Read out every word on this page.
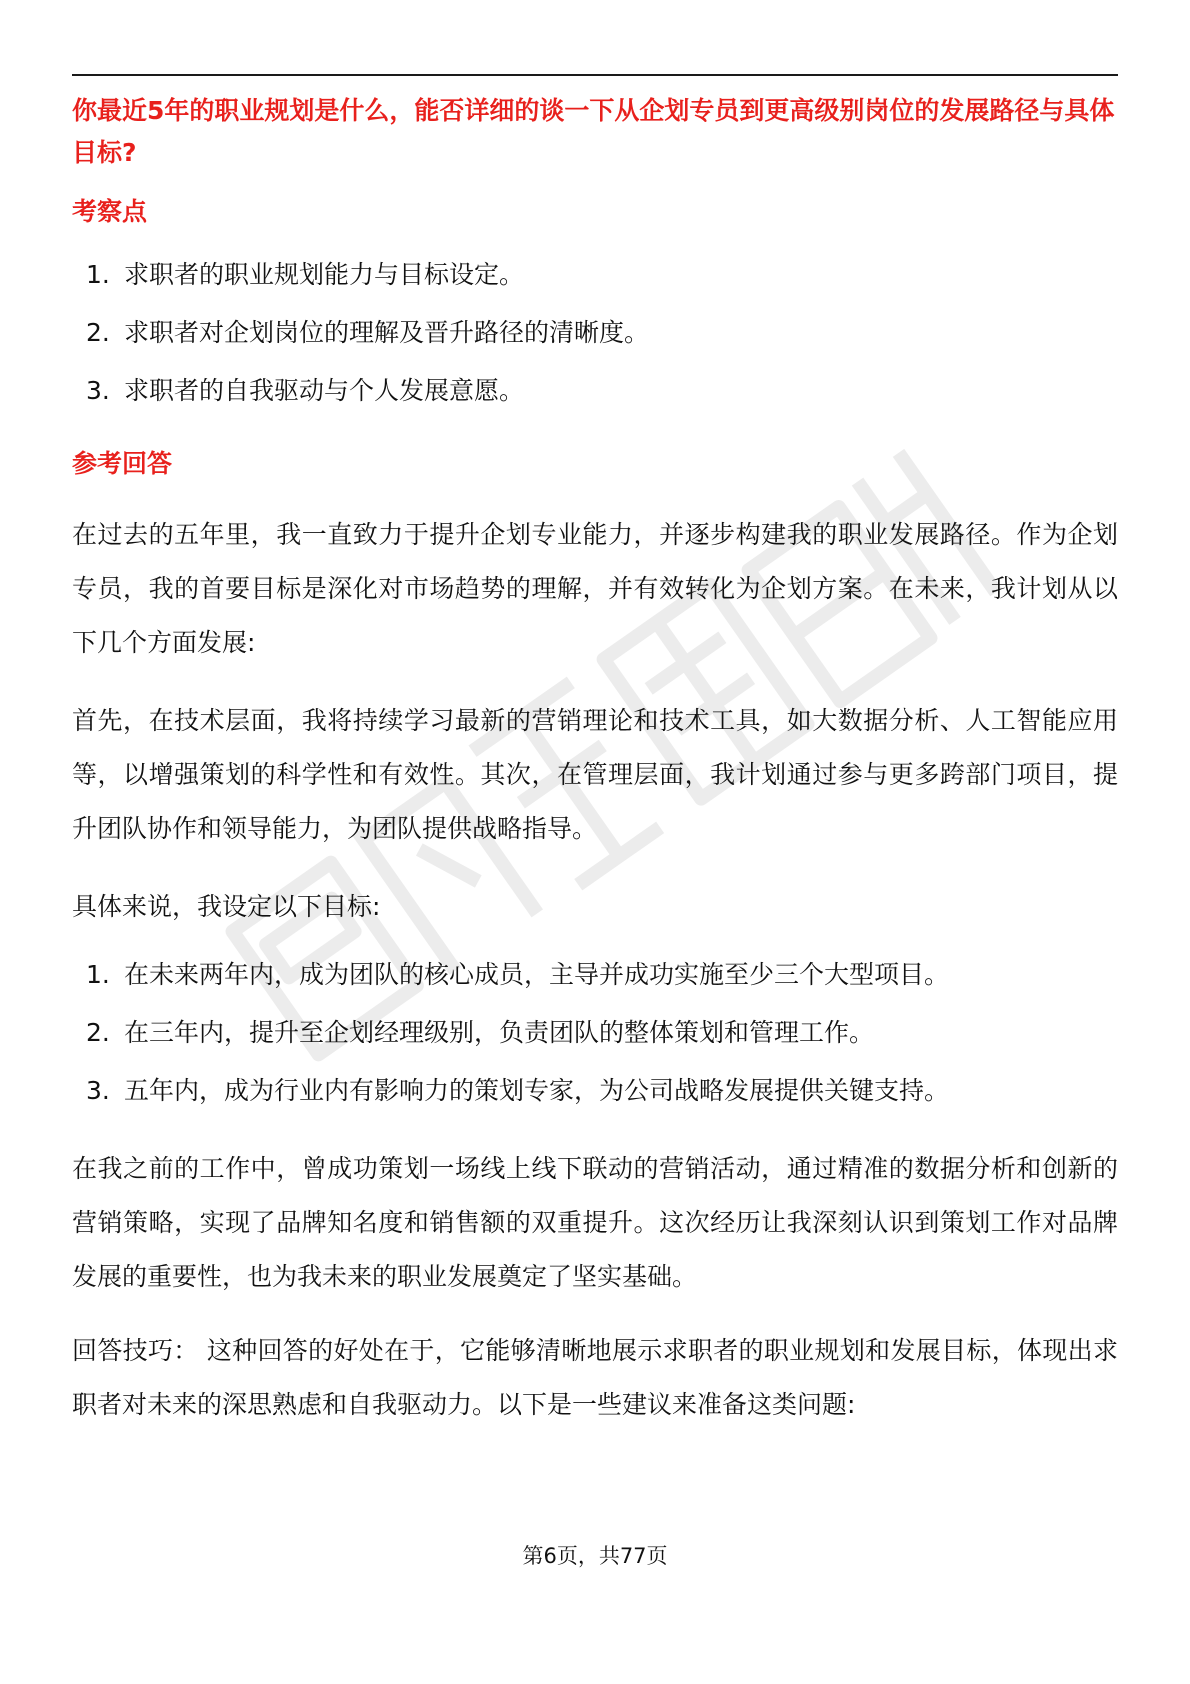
你最近5年的职业规划是什么，能否详细的谈一下从企划专员到更高级别岗位的发展路径与具体目标?

考察点
1. 求职者的职业规划能力与目标设定。
2. 求职者对企划岗位的理解及晋升路径的清晰度。
3. 求职者的自我驱动与个人发展意愿。
参考回答

在过去的五年里，我一直致力于提升企划专业能力，并逐步构建我的职业发展路径。作为企划专员，我的首要目标是深化对市场趋势的理解，并有效转化为企划方案。在未来，我计划从以下几个方面发展:

首先，在技术层面，我将持续学习最新的营销理论和技术工具，如大数据分析、人工智能应用等，以增强策划的科学性和有效性。其次，在管理层面，我计划通过参与更多跨部门项目，提升团队协作和领导能力，为团队提供战略指导。

具体来说，我设定以下目标:

1. 在未来两年内，成为团队的核心成员，主导并成功实施至少三个大型项目。
2. 在三年内，提升至企划经理级别，负责团队的整体策划和管理工作。
3. 五年内，成为行业内有影响力的策划专家，为公司战略发展提供关键支持。

在我之前的工作中，曾成功策划一场线上线下联动的营销活动，通过精准的数据分析和创新的营销策略，实现了品牌知名度和销售额的双重提升。这次经历让我深刻认识到策划工作对品牌发展的重要性，也为我未来的职业发展奠定了坚实基础。

回答技巧： 这种回答的好处在于，它能够清晰地展示求职者的职业规划和发展目标，体现出求职者对未来的深思熟虑和自我驱动力。以下是一些建议来准备这类问题:

第6页，共77页
